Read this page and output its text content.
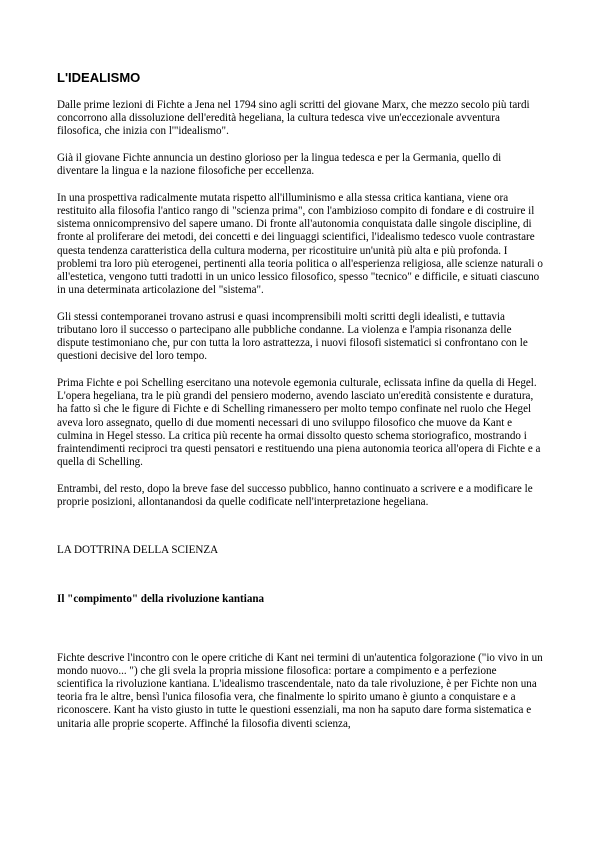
L'IDEALISMO

Dalle prime lezioni di Fichte a Jena nel 1794 sino agli scritti del giovane Marx, che mezzo secolo più tardi concorrono alla dissoluzione dell'eredità hegeliana, la cultura tedesca vive un'eccezionale avventura filosofica, che inizia con l'"idealismo".

Già il giovane Fichte annuncia un destino glorioso per la lingua tedesca e per la Germania, quello di diventare la lingua e la nazione filosofiche per eccellenza.

In una prospettiva radicalmente mutata rispetto all'illuminismo e alla stessa critica kantiana, viene ora restituito alla filosofia l'antico rango di "scienza prima", con l'ambizioso compito di fondare e di costruire il sistema onnicomprensivo del sapere umano. Di fronte all'autonomia conquistata dalle singole discipline, di fronte al proliferare dei metodi, dei concetti e dei linguaggi scientifici, l'idealismo tedesco vuole contrastare questa tendenza caratteristica della cultura moderna, per ricostituire un'unità più alta e più profonda. I problemi tra loro più eterogenei, pertinenti alla teoria politica o all'esperienza religiosa, alle scienze naturali o all'estetica, vengono tutti tradotti in un unico lessico filosofico, spesso "tecnico" e difficile, e situati ciascuno in una determinata articolazione del "sistema".

Gli stessi contemporanei trovano astrusi e quasi incomprensibili molti scritti degli idealisti, e tuttavia tributano loro il successo o partecipano alle pubbliche condanne. La violenza e l'ampia risonanza delle dispute testimoniano che, pur con tutta la loro astrattezza, i nuovi filosofi sistematici si confrontano con le questioni decisive del loro tempo.

Prima Fichte e poi Schelling esercitano una notevole egemonia culturale, eclissata infine da quella di Hegel. L'opera hegeliana, tra le più grandi del pensiero moderno, avendo lasciato un'eredità consistente e duratura, ha fatto sì che le figure di Fichte e di Schelling rimanessero per molto tempo confinate nel ruolo che Hegel aveva loro assegnato, quello di due momenti necessari di uno sviluppo filosofico che muove da Kant e culmina in Hegel stesso. La critica più recente ha ormai dissolto questo schema storiografico, mostrando i fraintendimenti reciproci tra questi pensatori e restituendo una piena autonomia teorica all'opera di Fichte e a quella di Schelling.

Entrambi, del resto, dopo la breve fase del successo pubblico, hanno continuato a scrivere e a modificare le proprie posizioni, allontanandosi da quelle codificate nell'interpretazione hegeliana.

LA DOTTRINA DELLA SCIENZA
Il "compimento" della rivoluzione kantiana

Fichte descrive l'incontro con le opere critiche di Kant nei termini di un'autentica folgorazione ("io vivo in un mondo nuovo... ") che gli svela la propria missione filosofica: portare a compimento e a perfezione scientifica la rivoluzione kantiana. L'idealismo trascendentale, nato da tale rivoluzione, è per Fichte non una teoria fra le altre, bensì l'unica filosofia vera, che finalmente lo spirito umano è giunto a conquistare e a riconoscere. Kant ha visto giusto in tutte le questioni essenziali, ma non ha saputo dare forma sistematica e unitaria alle proprie scoperte. Affinché la filosofia diventi scienza,
